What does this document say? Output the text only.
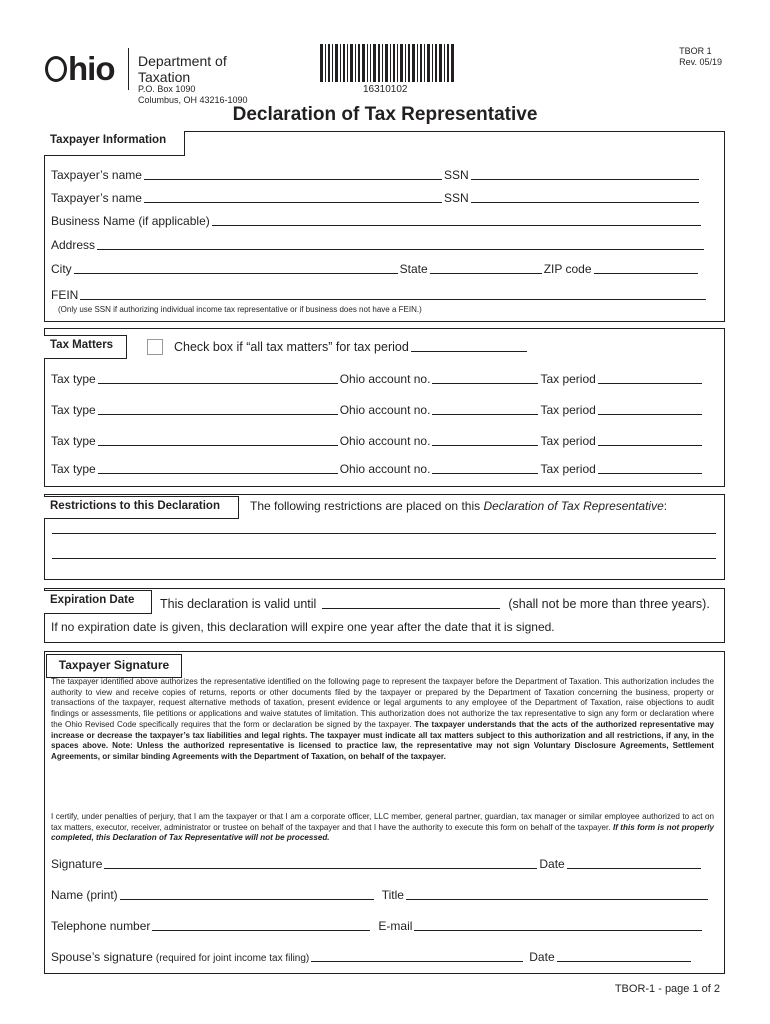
hio Department of
Taxation
P.O. Box 1090
Columbus, OH 43216-1090
16310102
TBOR 1
Rev. 05/19
Declaration of Tax Representative
Taxpayer Information
Taxpayer’s name	SSN
Taxpayer’s name	SSN
Business Name (if applicable)
Address
City	State	ZIP code
FEIN
(Only use SSN if authorizing individual income tax representative or if business does not have a FEIN.)
Tax Matters	Check box if “all tax matters” for tax period
Tax type	Ohio account no.	Tax period
Tax type	Ohio account no.	Tax period
Tax type	Ohio account no.	Tax period
Tax type	Ohio account no.	Tax period
Restrictions to this Declaration	The following restrictions are placed on this Declaration of Tax Representative:
Expiration Date	This declaration is valid until	(shall not be more than three years).
If no expiration date is given, this declaration will expire one year after the date that it is signed.
Taxpayer Signature
The taxpayer identified above authorizes the representative identified on the following page to represent the taxpayer before the Department of Taxation. This authorization includes the authority to view and receive copies of returns, reports or other documents filed by the taxpayer or prepared by the Department of Taxation concerning the business, property or transactions of the taxpayer, request alternative methods of taxation, present evidence or legal arguments to any employee of the Department of Taxation, raise objections to audit findings or assessments, file petitions or applications and waive statutes of limitation. This authorization does not authorize the tax representative to sign any form or declaration where the Ohio Revised Code specifically requires that the form or declaration be signed by the taxpayer. The taxpayer understands that the acts of the authorized representative may increase or decrease the taxpayer’s tax liabilities and legal rights. The taxpayer must indicate all tax matters subject to this authorization and all restrictions, if any, in the spaces above. Note: Unless the authorized representative is licensed to practice law, the representative may not sign Voluntary Disclosure Agreements, Settlement Agreements, or similar binding Agreements with the Department of Taxation, on behalf of the taxpayer.
I certify, under penalties of perjury, that I am the taxpayer or that I am a corporate officer, LLC member, general partner, guardian, tax manager or similar employee authorized to act on tax matters, executor, receiver, administrator or trustee on behalf of the taxpayer and that I have the authority to execute this form on behalf of the taxpayer. If this form is not properly completed, this Declaration of Tax Representative will not be processed.
Signature	Date
Name (print)	Title
Telephone number	E-mail
Spouse’s signature (required for joint income tax filing)	Date
TBOR-1 - page 1 of 2
